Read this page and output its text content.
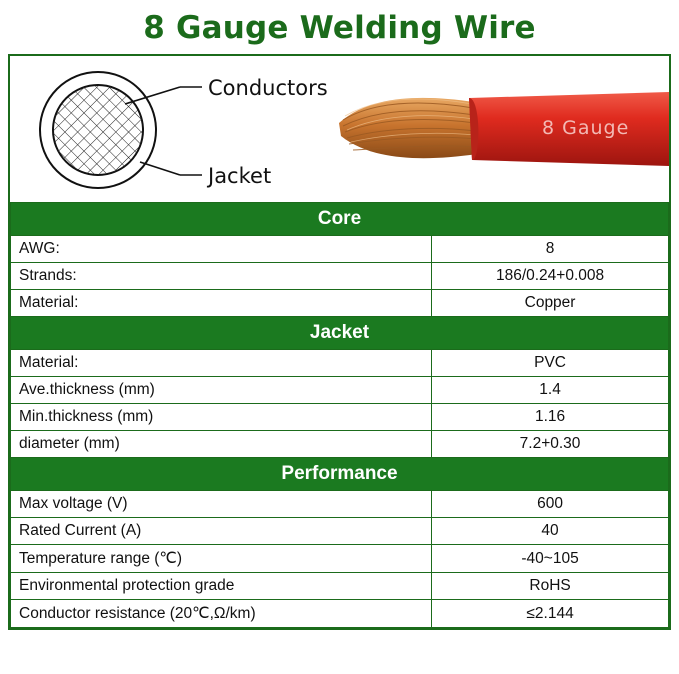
8 Gauge Welding Wire
Conductors
Jacket
8 Gauge
Core	
AWG:	8
Strands:	186/0.24+0.008
Material:	Copper
Jacket	
Material:	PVC
Ave.thickness (mm)	1.4
Min.thickness (mm)	1.16
diameter (mm)	7.2+0.30
Performance	
Max voltage (V)	600
Rated Current (A)	40
Temperature range (℃)	-40~105
Environmental protection grade	RoHS
Conductor resistance (20℃,Ω/km)	≤2.144
